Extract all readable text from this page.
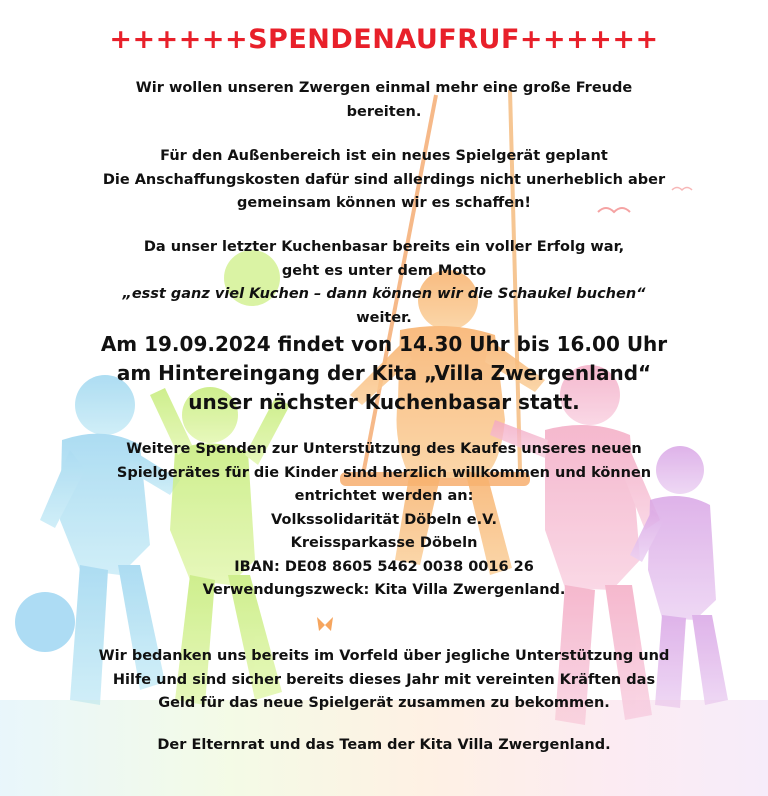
++++++SPENDENAUFRUF++++++
Wir wollen unseren Zwergen einmal mehr eine große Freude
bereiten.
Für den Außenbereich ist ein neues Spielgerät geplant
Die Anschaffungskosten dafür sind allerdings nicht unerheblich aber
gemeinsam können wir es schaffen!
Da unser letzter Kuchenbasar bereits ein voller Erfolg war,
geht es unter dem Motto
„esst ganz viel Kuchen – dann können wir die Schaukel buchen“
weiter.
Am 19.09.2024 findet von 14.30 Uhr bis 16.00 Uhr
am Hintereingang der Kita „Villa Zwergenland“
unser nächster Kuchenbasar statt.
Weitere Spenden zur Unterstützung des Kaufes unseres neuen
Spielgerätes für die Kinder sind herzlich willkommen und können
entrichtet werden an:
Volkssolidarität Döbeln e.V.
Kreissparkasse Döbeln
IBAN: DE08 8605 5462 0038 0016 26
Verwendungszweck: Kita Villa Zwergenland.
Wir bedanken uns bereits im Vorfeld über jegliche Unterstützung und
Hilfe und sind sicher bereits dieses Jahr mit vereinten Kräften das
Geld für das neue Spielgerät zusammen zu bekommen.
Der Elternrat und das Team der Kita Villa Zwergenland.
